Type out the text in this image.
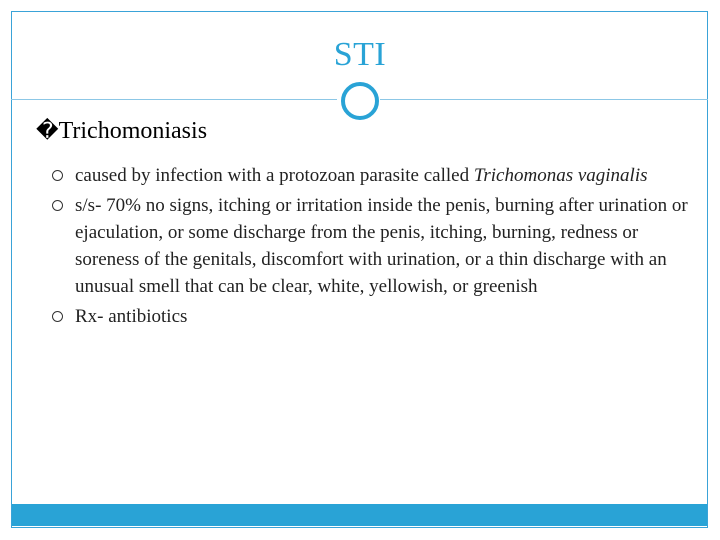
STI
�Trichomoniasis
caused by infection with a protozoan parasite called Trichomonas vaginalis
s/s- 70% no signs, itching or irritation inside the penis, burning after urination or ejaculation, or some discharge from the penis, itching, burning, redness or soreness of the genitals, discomfort with urination, or a thin discharge with an unusual smell that can be clear, white, yellowish, or greenish
Rx- antibiotics
